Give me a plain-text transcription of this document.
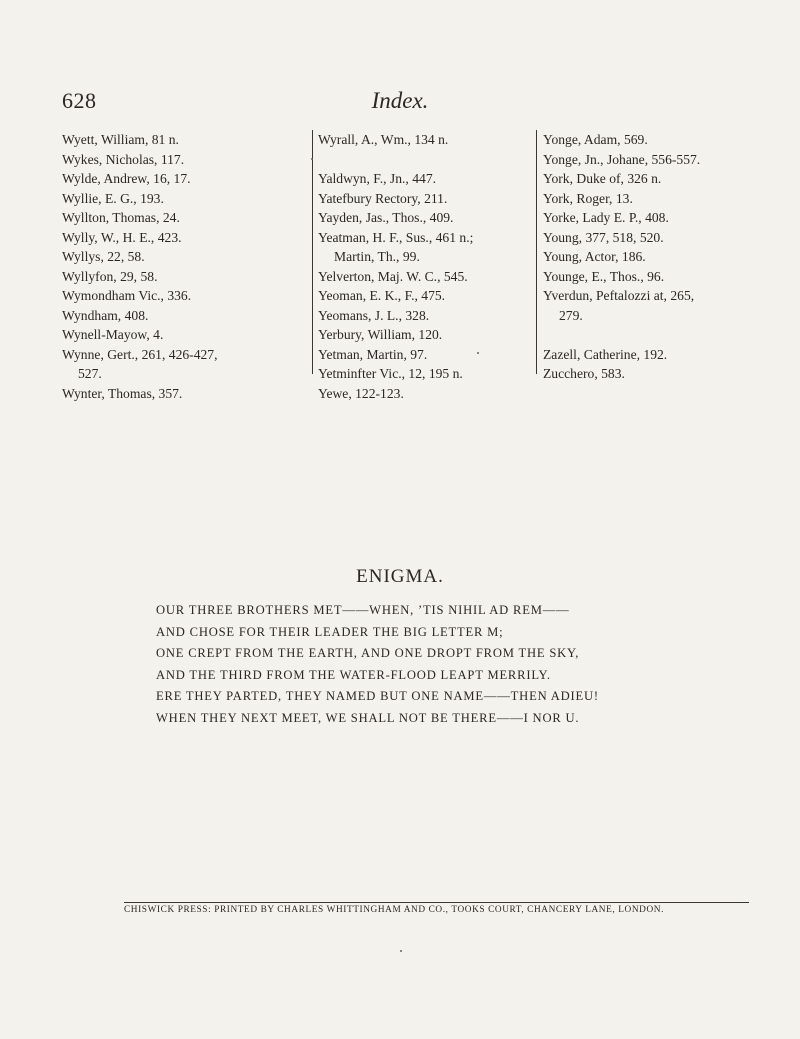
628	Index.
Wyett, William, 81 n.
Wykes, Nicholas, 117.
Wylde, Andrew, 16, 17.
Wyllie, E. G., 193.
Wyllton, Thomas, 24.
Wylly, W., H. E., 423.
Wyllys, 22, 58.
Wyllyfon, 29, 58.
Wymondham Vic., 336.
Wyndham, 408.
Wynell-Mayow, 4.
Wynne, Gert., 261, 426-427,
527.
Wynter, Thomas, 357.
Wyrall, A., Wm., 134 n.
Yaldwyn, F., Jn., 447.
Yatefbury Rectory, 211.
Yayden, Jas., Thos., 409.
Yeatman, H. F., Sus., 461 n.;
Martin, Th., 99.
Yelverton, Maj. W. C., 545.
Yeoman, E. K., F., 475.
Yeomans, J. L., 328.
Yerbury, William, 120.
Yetman, Martin, 97.
Yetminfter Vic., 12, 195 n.
Yewe, 122-123.
Yonge, Adam, 569.
Yonge, Jn., Johane, 556-557.
York, Duke of, 326 n.
York, Roger, 13.
Yorke, Lady E. P., 408.
Young, 377, 518, 520.
Young, Actor, 186.
Younge, E., Thos., 96.
Yverdun, Peftalozzi at, 265,
279.
Zazell, Catherine, 192.
Zucchero, 583.
ENIGMA.
OUR THREE BROTHERS MET——WHEN, ’TIS NIHIL AD REM——
AND CHOSE FOR THEIR LEADER THE BIG LETTER M;
ONE CREPT FROM THE EARTH, AND ONE DROPT FROM THE SKY,
AND THE THIRD FROM THE WATER-FLOOD LEAPT MERRILY.
ERE THEY PARTED, THEY NAMED BUT ONE NAME——THEN ADIEU!
WHEN THEY NEXT MEET, WE SHALL NOT BE THERE——I NOR U.
CHISWICK PRESS: PRINTED BY CHARLES WHITTINGHAM AND CO., TOOKS COURT, CHANCERY LANE, LONDON.
